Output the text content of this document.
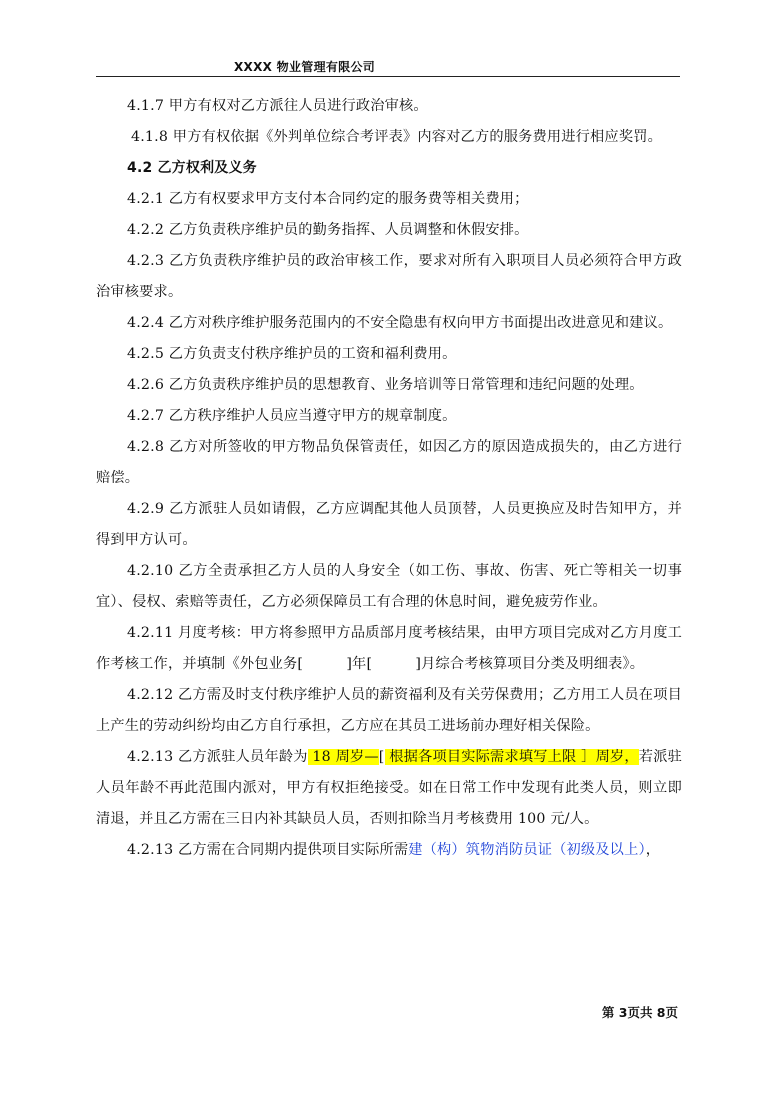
XXXX 物业管理有限公司

4.1.7 甲方有权对乙方派往人员进行政治审核。

4.1.8 甲方有权依据《外判单位综合考评表》内容对乙方的服务费用进行相应奖罚。

4.2 乙方权利及义务

4.2.1 乙方有权要求甲方支付本合同约定的服务费等相关费用；

4.2.2 乙方负责秩序维护员的勤务指挥、人员调整和休假安排。

4.2.3 乙方负责秩序维护员的政治审核工作，要求对所有入职项目人员必须符合甲方政治审核要求。

4.2.4 乙方对秩序维护服务范围内的不安全隐患有权向甲方书面提出改进意见和建议。

4.2.5 乙方负责支付秩序维护员的工资和福利费用。

4.2.6 乙方负责秩序维护员的思想教育、业务培训等日常管理和违纪问题的处理。

4.2.7 乙方秩序维护人员应当遵守甲方的规章制度。

4.2.8 乙方对所签收的甲方物品负保管责任，如因乙方的原因造成损失的，由乙方进行赔偿。

4.2.9 乙方派驻人员如请假，乙方应调配其他人员顶替，人员更换应及时告知甲方，并得到甲方认可。

4.2.10 乙方全责承担乙方人员的人身安全（如工伤、事故、伤害、死亡等相关一切事宜）、侵权、索赔等责任，乙方必须保障员工有合理的休息时间，避免疲劳作业。

4.2.11 月度考核：甲方将参照甲方品质部月度考核结果，由甲方项目完成对乙方月度工作考核工作，并填制《外包业务[　　　]年[　　　]月综合考核算项目分类及明细表》。

4.2.12 乙方需及时支付秩序维护人员的薪资福利及有关劳保费用；乙方用工人员在项目上产生的劳动纠纷均由乙方自行承担，乙方应在其员工进场前办理好相关保险。

4.2.13 乙方派驻人员年龄为 18 周岁—[ 根据各项目实际需求填写上限 ］周岁，若派驻人员年龄不再此范围内派对，甲方有权拒绝接受。如在日常工作中发现有此类人员，则立即清退，并且乙方需在三日内补其缺员人员，否则扣除当月考核费用 100 元/人。

4.2.13 乙方需在合同期内提供项目实际所需建（构）筑物消防员证（初级及以上），

第 3页共 8页
